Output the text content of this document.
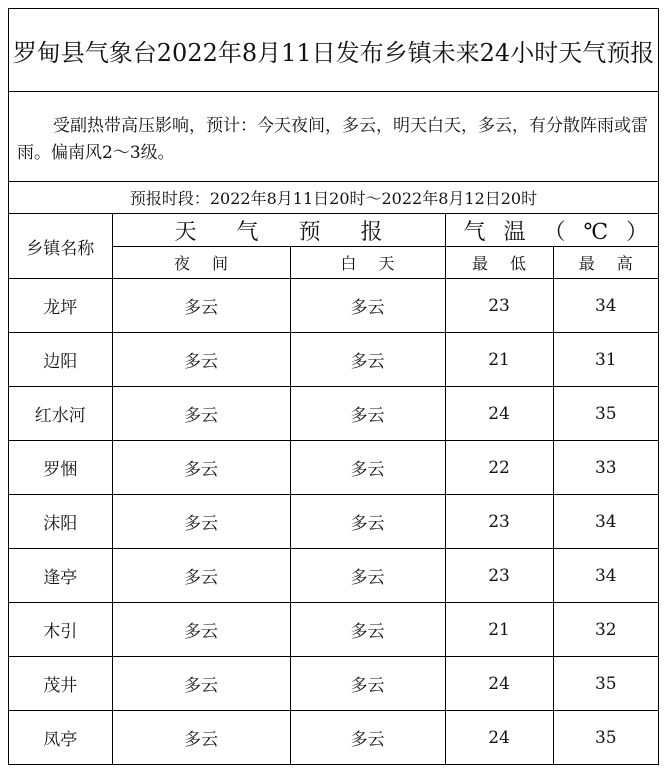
罗甸县气象台2022年8月11日发布乡镇未来24小时天气预报
受副热带高压影响，预计：今天夜间，多云，明天白天，多云，有分散阵雨或雷雨。偏南风2～3级。
预报时段：2022年8月11日20时～2022年8月12日20时
乡镇名称	天气预报		气温（℃）	
	夜间	白天	最低	最高
龙坪	多云	多云	23	34
边阳	多云	多云	21	31
红水河	多云	多云	24	35
罗悃	多云	多云	22	33
沫阳	多云	多云	23	34
逢亭	多云	多云	23	34
木引	多云	多云	21	32
茂井	多云	多云	24	35
凤亭	多云	多云	24	35
